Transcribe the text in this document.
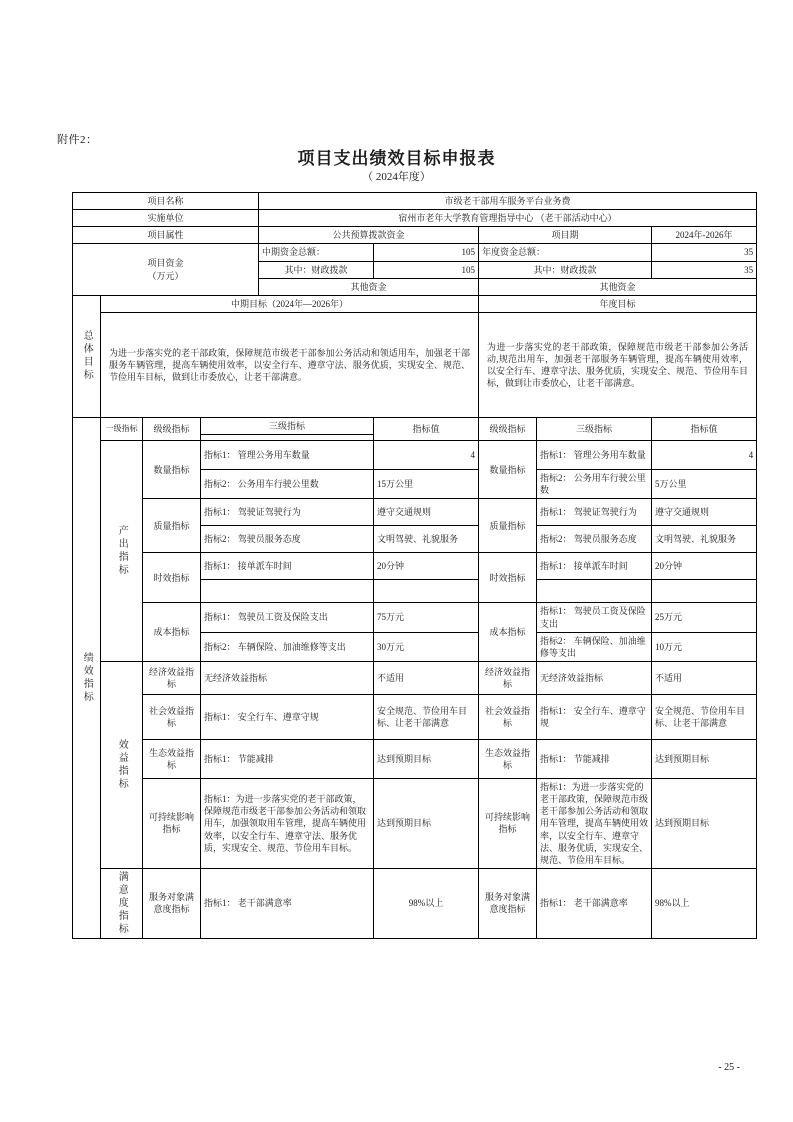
附件2：
项目支出绩效目标申报表
（ 2024年度）
项目名称				市级老干部用车服务平台业务费				
实施单位				宿州市老年大学教育管理指导中心 （老干部活动中心）				
项目属性				公共预算拨款资金		项目期		2024年-2026年

项目资金
（万元）				中期资金总额：	105	年度资金总额：		35
				其中：财政拨款	105	其中：财政拨款		35
				其他资金		其他资金		

总体目标	中期目标（2024年—2026年）					年度目标		
	为进一步落实党的老干部政策，保障规范市级老干部参加公务活动和领适用车，加强老干部服务车辆管理，提高车辆使用效率，以安全行车、遵章守法、服务优质，实现安全、规范、节俭用车目标，做到让市委放心，让老干部满意。					为进一步落实党的老干部政策，保障规范市级老干部参加公务活动,规范出用车，加强老干部服务车辆管理，提高车辆使用效率，以安全行车、遵章守法、服务优质，实现安全、规范、节俭用车目标，做到让市委放心，让老干部满意。		

绩效指标	一级指标	级级指标	三级指标		指标值	级级指标	三级指标	指标值

	产出指标	数量指标	指标1： 管理公务用车数量		4	数量指标	指标1： 管理公务用车数量	4
			指标2： 公务用车行驶公里数		15万公里		指标2： 公务用车行驶公里数	5万公里
		质量指标	指标1： 驾驶证驾驶行为		遵守交通规则	质量指标	指标1： 驾驶证驾驶行为	遵守交通规则
			指标2： 驾驶员服务态度		文明驾驶、礼貌服务		指标2： 驾驶员服务态度	文明驾驶、礼貌服务
		时效指标	指标1： 接单派车时间		20分钟	时效指标	指标1： 接单派车时间	20分钟

		成本指标	指标1： 驾驶员工资及保险支出		75万元	成本指标	指标1： 驾驶员工资及保险支出	25万元
			指标2： 车辆保险、加油维修等支出		30万元		指标2： 车辆保险、加油维修等支出	10万元

	效益指标	经济效益指标	无经济效益指标		不适用	经济效益指标	无经济效益指标	不适用
		社会效益指标	指标1： 安全行车、遵章守规		安全规范、节俭用车目标、让老干部满意	社会效益指标	指标1： 安全行车、遵章守规	安全规范、节俭用车目标、让老干部满意
		生态效益指标	指标1： 节能减排		达到预期目标	生态效益指标	指标1： 节能减排	达到预期目标
		可持续影响指标	指标1：为进一步落实党的老干部政策，保障规范市级老干部参加公务活动和领取用车，加强领取用车管理，提高车辆使用效率，以安全行车、遵章守法、服务优质，实现安全、规范、节俭用车目标。		达到预期目标	可持续影响指标	指标1：为进一步落实党的老干部政策，保障规范市级老干部参加公务活动和领取用车管理，提高车辆使用效率，以安全行车、遵章守法、服务优质，实现安全、规范、节俭用车目标。	达到预期目标

	满意度指标	服务对象满意度指标	指标1： 老干部满意率		98%以上	服务对象满意度指标	指标1： 老干部满意率	98%以上
- 25 -
